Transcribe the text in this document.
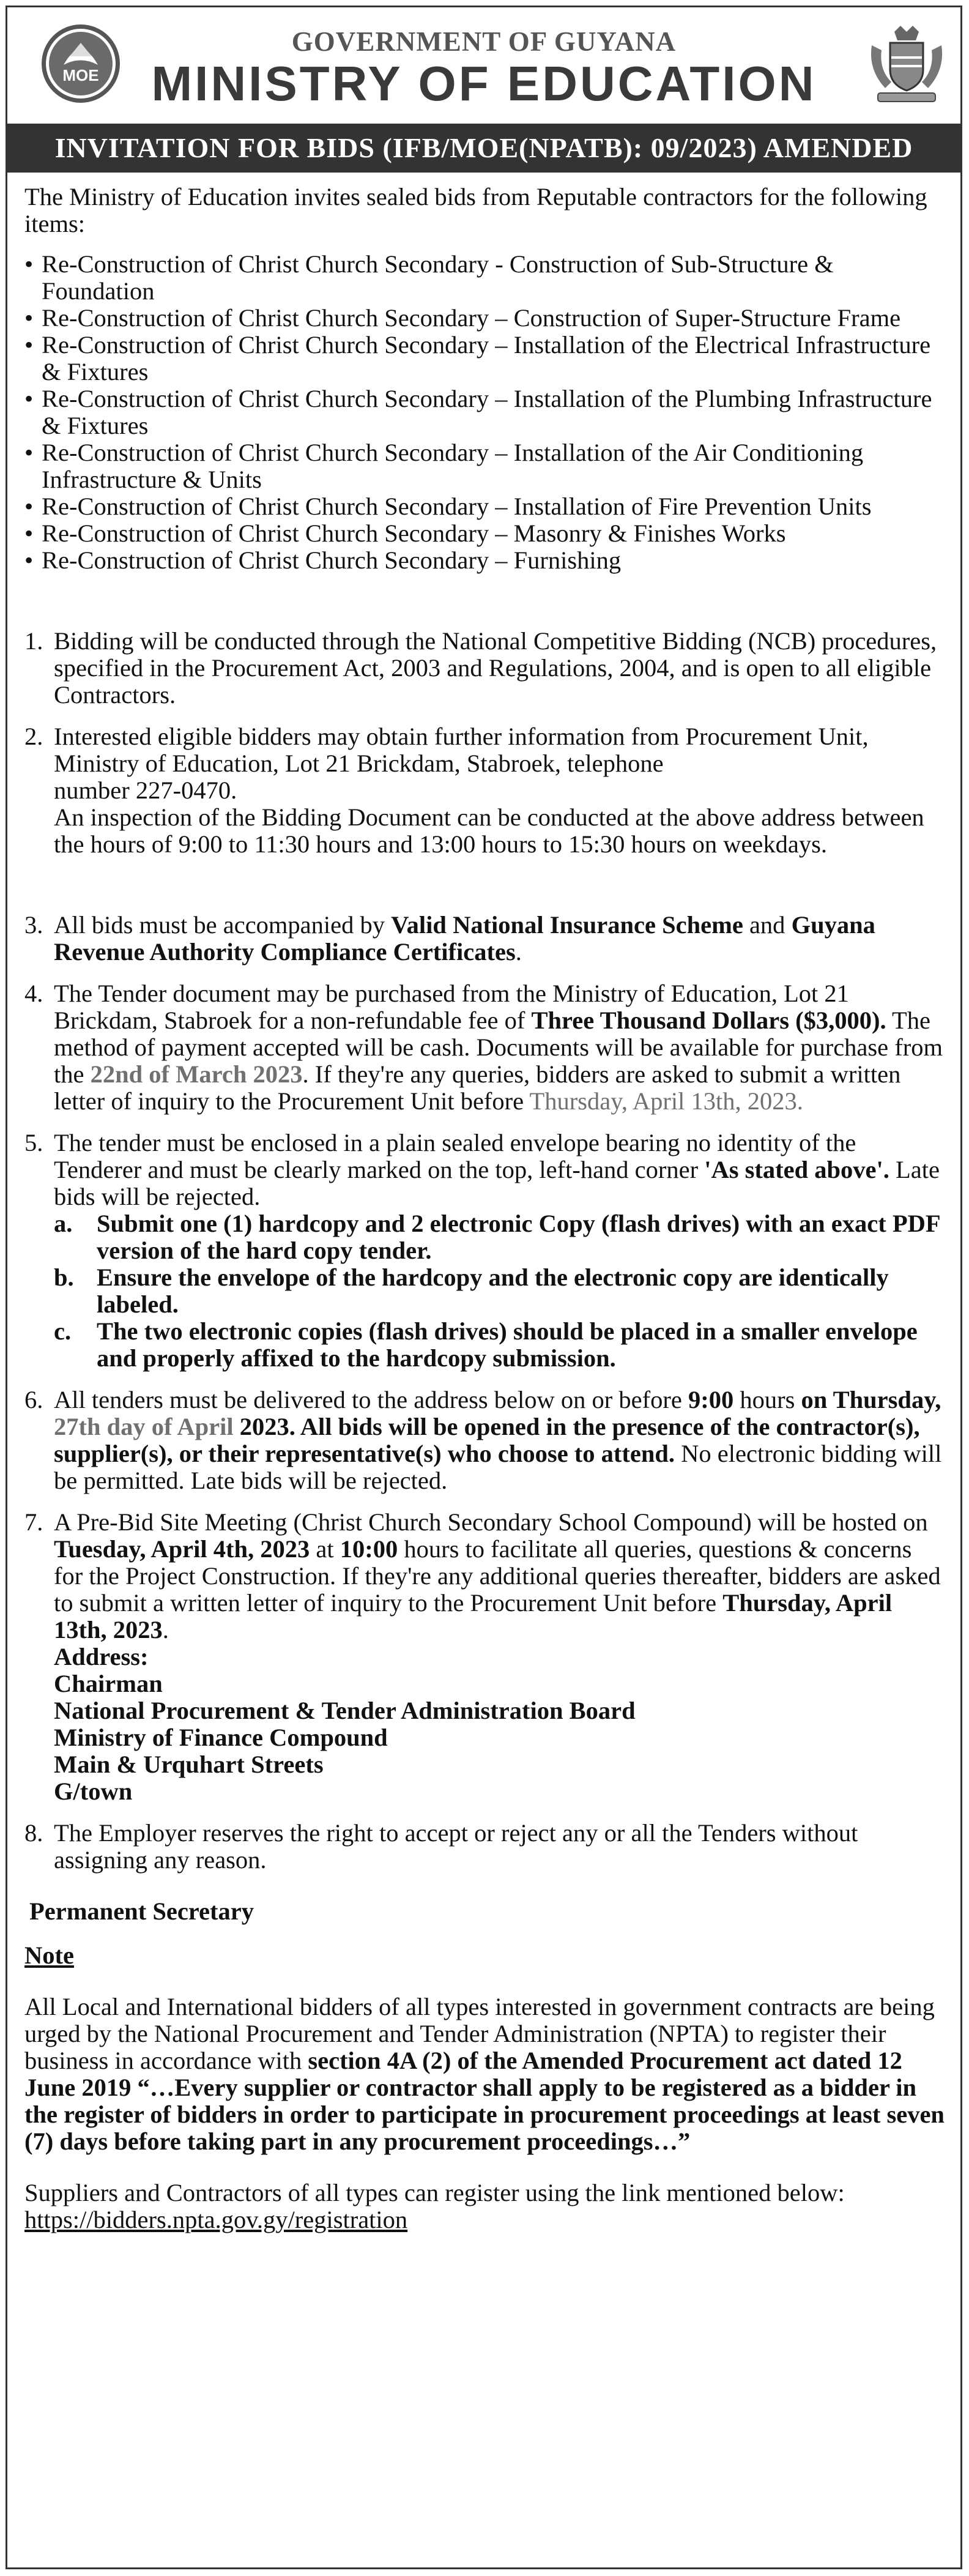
MOE
GOVERNMENT OF GUYANA
MINISTRY OF EDUCATION
INVITATION FOR BIDS (IFB/MOE(NPATB): 09/2023) AMENDED

The Ministry of Education invites sealed bids from Reputable contractors for the following items:

• Re-Construction of Christ Church Secondary - Construction of Sub-Structure & Foundation
• Re-Construction of Christ Church Secondary – Construction of Super-Structure Frame
• Re-Construction of Christ Church Secondary – Installation of the Electrical Infrastructure & Fixtures
• Re-Construction of Christ Church Secondary – Installation of the Plumbing Infrastructure & Fixtures
• Re-Construction of Christ Church Secondary – Installation of the Air Conditioning Infrastructure & Units
• Re-Construction of Christ Church Secondary – Installation of Fire Prevention Units
• Re-Construction of Christ Church Secondary – Masonry & Finishes Works
• Re-Construction of Christ Church Secondary – Furnishing
1. Bidding will be conducted through the National Competitive Bidding (NCB) procedures, specified in the Procurement Act, 2003 and Regulations, 2004, and is open to all eligible Contractors.
2. Interested eligible bidders may obtain further information from Procurement Unit, Ministry of Education, Lot 21 Brickdam, Stabroek, telephone
number 227-0470.
An inspection of the Bidding Document can be conducted at the above address between the hours of 9:00 to 11:30 hours and 13:00 hours to 15:30 hours on weekdays.
3. All bids must be accompanied by Valid National Insurance Scheme and Guyana Revenue Authority Compliance Certificates.
4. The Tender document may be purchased from the Ministry of Education, Lot 21 Brickdam, Stabroek for a non-refundable fee of Three Thousand Dollars ($3,000). The method of payment accepted will be cash. Documents will be available for purchase from the 22nd of March 2023. If they're any queries, bidders are asked to submit a written letter of inquiry to the Procurement Unit before Thursday, April 13th, 2023.
5. The tender must be enclosed in a plain sealed envelope bearing no identity of the Tenderer and must be clearly marked on the top, left-hand corner 'As stated above'. Late bids will be rejected.
a. Submit one (1) hardcopy and 2 electronic Copy (flash drives) with an exact PDF version of the hard copy tender.
b. Ensure the envelope of the hardcopy and the electronic copy are identically labeled.
c.	The two electronic copies (flash drives) should be placed in a smaller envelope and properly affixed to the hardcopy submission.
6. All tenders must be delivered to the address below on or before 9:00 hours on Thursday, 27th day of April 2023. All bids will be opened in the presence of the contractor(s), supplier(s), or their representative(s) who choose to attend. No electronic bidding will be permitted. Late bids will be rejected.
7. A Pre-Bid Site Meeting (Christ Church Secondary School Compound) will be hosted on Tuesday, April 4th, 2023 at 10:00 hours to facilitate all queries, questions & concerns for the Project Construction. If they're any additional queries thereafter, bidders are asked to submit a written letter of inquiry to the Procurement Unit before Thursday, April 13th, 2023.
Address:
Chairman
National Procurement & Tender Administration Board
Ministry of Finance Compound
Main & Urquhart Streets
G/town
8. The Employer reserves the right to accept or reject any or all the Tenders without assigning any reason.
Permanent Secretary
Note

All Local and International bidders of all types interested in government contracts are being urged by the National Procurement and Tender Administration (NPTA) to register their business in accordance with section 4A (2) of the Amended Procurement act dated 12 June 2019 “…Every supplier or contractor shall apply to be registered as a bidder in the register of bidders in order to participate in procurement proceedings at least seven (7) days before taking part in any procurement proceedings…”

Suppliers and Contractors of all types can register using the link mentioned below:
https://bidders.npta.gov.gy/registration
